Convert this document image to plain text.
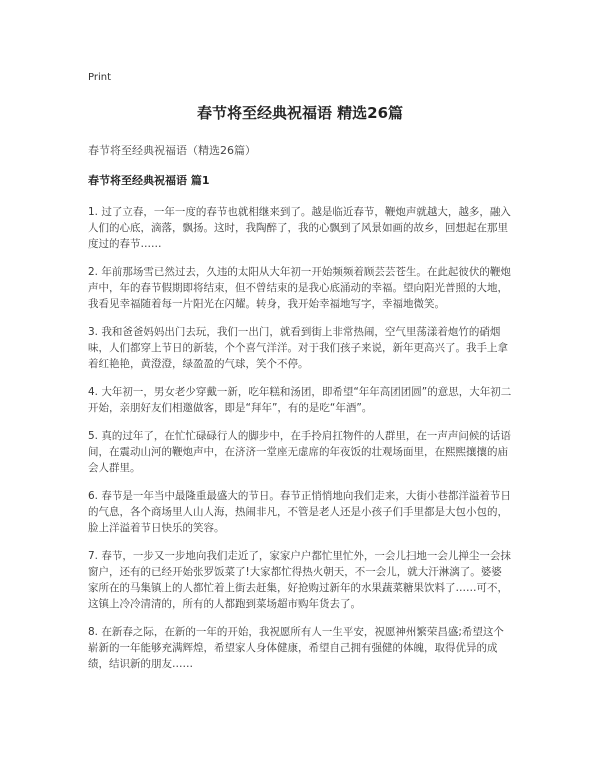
Print
春节将至经典祝福语 精选26篇
春节将至经典祝福语（精选26篇）
春节将至经典祝福语 篇1

1. 过了立春，一年一度的春节也就相继来到了。越是临近春节，鞭炮声就越大，越多，融入人们的心底，滴落，飘扬。这时，我陶醉了，我的心飘到了风景如画的故乡，回想起在那里度过的春节……

2. 年前那场雪已然过去，久违的太阳从大年初一开始频频着顾芸芸苍生。在此起彼伏的鞭炮声中，年的春节假期即将结束，但不曾结束的是我心底涌动的幸福。望向阳光普照的大地，我看见幸福随着每一片阳光在闪耀。转身，我开始幸福地写字，幸福地微笑。

3. 我和爸爸妈妈出门去玩，我们一出门，就看到街上非常热闹，空气里荡漾着炮竹的硝烟味，人们都穿上节日的新装，个个喜气洋洋。对于我们孩子来说，新年更高兴了。我手上拿着红艳艳，黄澄澄，绿盈盈的气球，笑个不停。

4. 大年初一，男女老少穿戴一新，吃年糕和汤团，即希望“年年高团团圆”的意思，大年初二开始，亲朋好友们相邀做客，即是“拜年”，有的是吃“年酒”。

5. 真的过年了，在忙忙碌碌行人的脚步中，在手拎肩扛物件的人群里，在一声声问候的话语间，在震动山河的鞭炮声中，在济济一堂座无虚席的年夜饭的壮观场面里，在熙熙攘攘的庙会人群里。

6. 春节是一年当中最隆重最盛大的节日。春节正悄悄地向我们走来，大街小巷都洋溢着节日的气息，各个商场里人山人海，热闹非凡，不管是老人还是小孩子们手里都是大包小包的，脸上洋溢着节日快乐的笑容。

7. 春节，一步又一步地向我们走近了，家家户户都忙里忙外，一会儿扫地一会儿掸尘一会抹窗户，还有的已经开始张罗饭菜了!大家都忙得热火朝天，不一会儿，就大汗淋漓了。婆婆家所在的马集镇上的人都忙着上街去赶集，好抢购过新年的水果蔬菜糖果饮料了……可不，这镇上冷冷清清的，所有的人都跑到菜场超市购年货去了。

8. 在新春之际，在新的一年的开始，我祝愿所有人一生平安，祝愿神州繁荣昌盛;希望这个崭新的一年能够充满辉煌，希望家人身体健康，希望自己拥有强健的体魄，取得优异的成绩，结识新的朋友……
